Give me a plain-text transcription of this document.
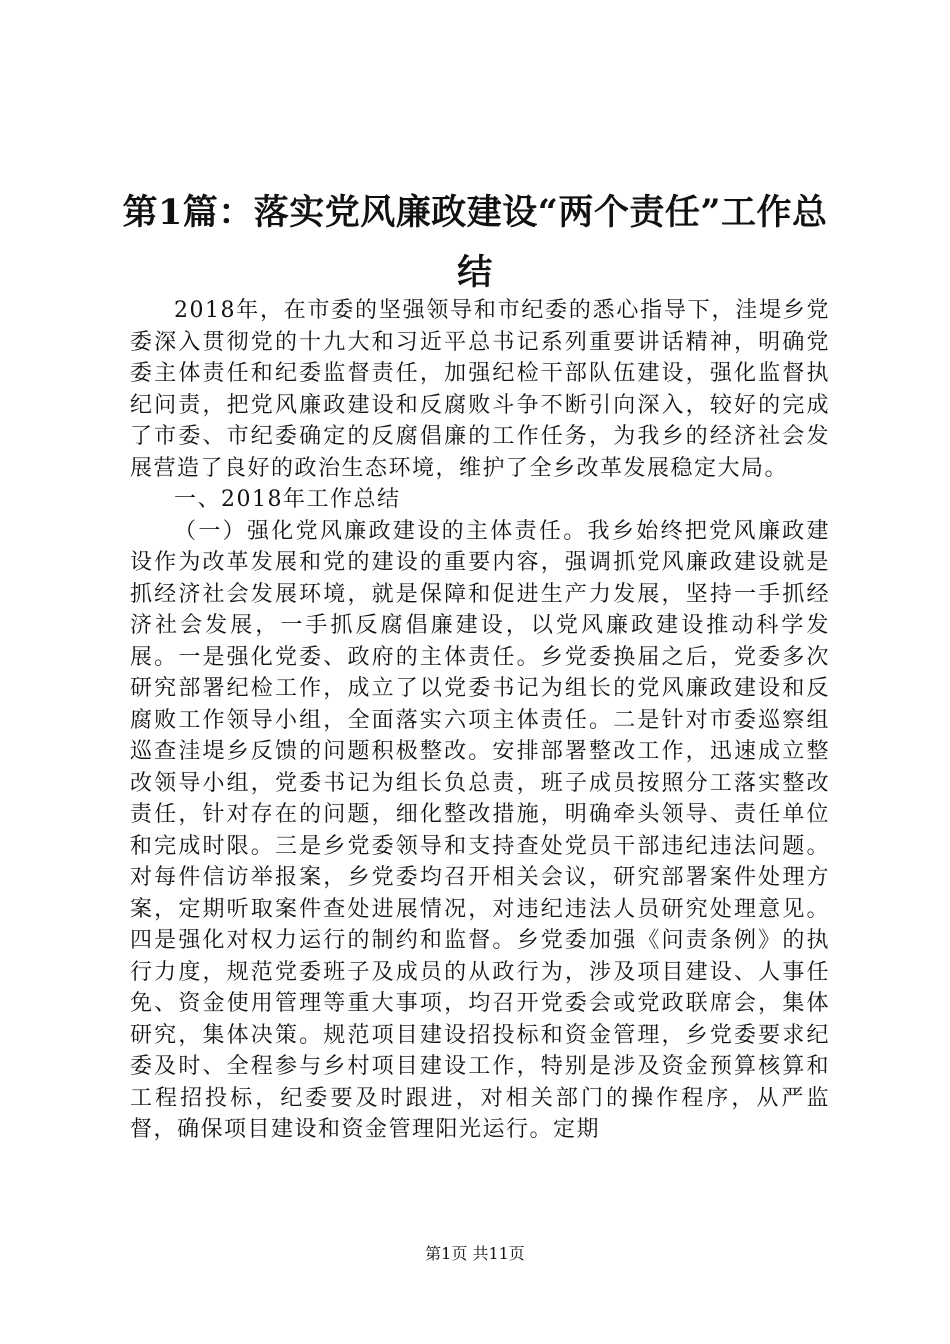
第1篇：落实党风廉政建设“两个责任”工作总结

2018年，在市委的坚强领导和市纪委的悉心指导下，洼堤乡党委深入贯彻党的十九大和习近平总书记系列重要讲话精神，明确党委主体责任和纪委监督责任，加强纪检干部队伍建设，强化监督执纪问责，把党风廉政建设和反腐败斗争不断引向深入，较好的完成了市委、市纪委确定的反腐倡廉的工作任务，为我乡的经济社会发展营造了良好的政治生态环境，维护了全乡改革发展稳定大局。

一、2018年工作总结

（一）强化党风廉政建设的主体责任。我乡始终把党风廉政建设作为改革发展和党的建设的重要内容，强调抓党风廉政建设就是抓经济社会发展环境，就是保障和促进生产力发展，坚持一手抓经济社会发展，一手抓反腐倡廉建设，以党风廉政建设推动科学发展。一是强化党委、政府的主体责任。乡党委换届之后，党委多次研究部署纪检工作，成立了以党委书记为组长的党风廉政建设和反腐败工作领导小组，全面落实六项主体责任。二是针对市委巡察组巡查洼堤乡反馈的问题积极整改。安排部署整改工作，迅速成立整改领导小组，党委书记为组长负总责，班子成员按照分工落实整改责任，针对存在的问题，细化整改措施，明确牵头领导、责任单位和完成时限。三是乡党委领导和支持查处党员干部违纪违法问题。对每件信访举报案，乡党委均召开相关会议，研究部署案件处理方案，定期听取案件查处进展情况，对违纪违法人员研究处理意见。四是强化对权力运行的制约和监督。乡党委加强《问责条例》的执行力度，规范党委班子及成员的从政行为，涉及项目建设、人事任免、资金使用管理等重大事项，均召开党委会或党政联席会，集体研究，集体决策。规范项目建设招投标和资金管理，乡党委要求纪委及时、全程参与乡村项目建设工作，特别是涉及资金预算核算和工程招投标，纪委要及时跟进，对相关部门的操作程序，从严监督，确保项目建设和资金管理阳光运行。定期

第1页 共11页
